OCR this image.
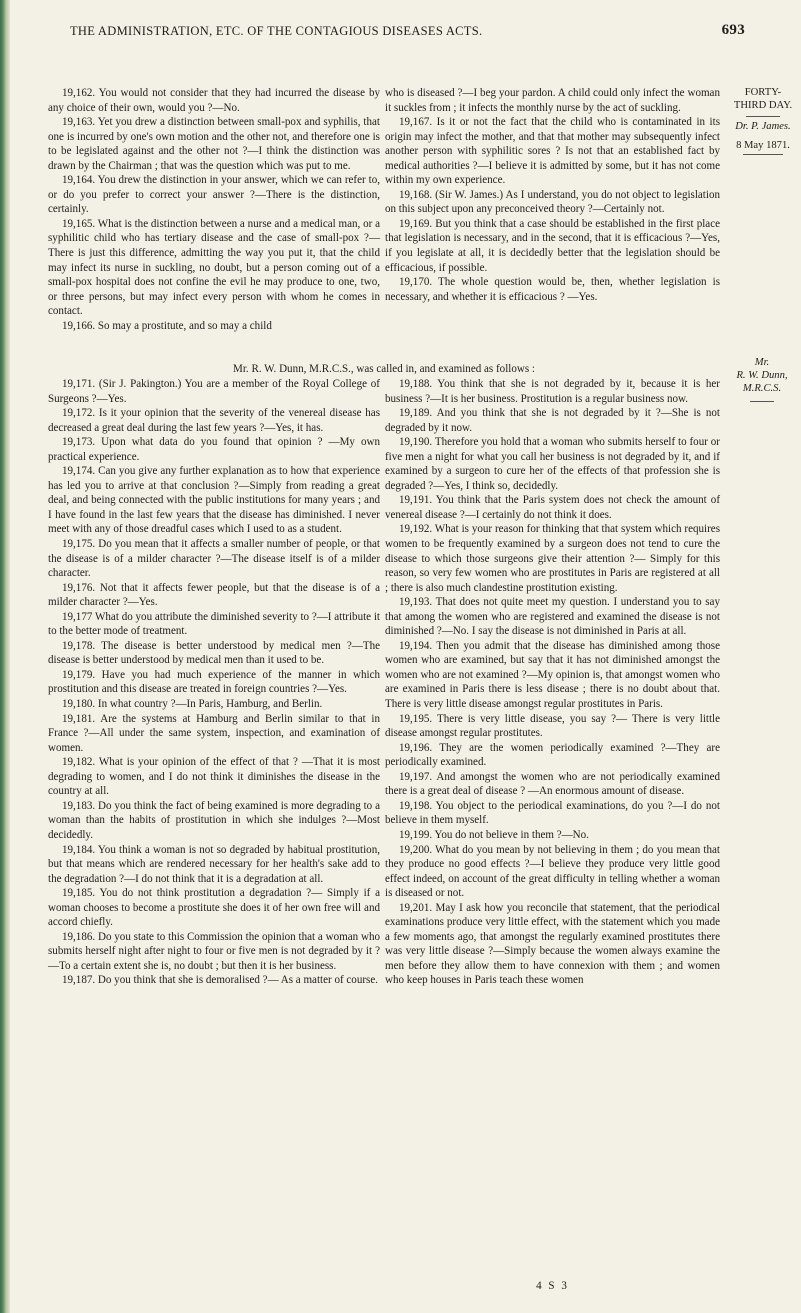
THE ADMINISTRATION, ETC. OF THE CONTAGIOUS DISEASES ACTS.	693
FORTY-
THIRD DAY.
Dr. P. James.
8 May 1871.

19,162. You would not consider that they had incurred the disease by any choice of their own, would you ?—No.

19,163. Yet you drew a distinction between small-pox and syphilis, that one is incurred by one's own motion and the other not, and therefore one is to be legislated against and the other not ?—I think the distinction was drawn by the Chairman ; that was the question which was put to me.

19,164. You drew the distinction in your answer, which we can refer to, or do you prefer to correct your answer ?—There is the distinction, certainly.

19,165. What is the distinction between a nurse and a medical man, or a syphilitic child who has tertiary disease and the case of small-pox ?—There is just this difference, admitting the way you put it, that the child may infect its nurse in suckling, no doubt, but a person coming out of a small-pox hospital does not confine the evil he may produce to one, two, or three persons, but may infect every person with whom he comes in contact.

19,166. So may a prostitute, and so may a child

who is diseased ?—I beg your pardon. A child could only infect the woman it suckles from ; it infects the monthly nurse by the act of suckling.

19,167. Is it or not the fact that the child who is contaminated in its origin may infect the mother, and that that mother may subsequently infect another person with syphilitic sores ? Is not that an established fact by medical authorities ?—I believe it is admitted by some, but it has not come within my own experience.

19,168. (Sir W. James.) As I understand, you do not object to legislation on this subject upon any preconceived theory ?—Certainly not.

19,169. But you think that a case should be established in the first place that legislation is necessary, and in the second, that it is efficacious ?—Yes, if you legislate at all, it is decidedly better that the legislation should be efficacious, if possible.

19,170. The whole question would be, then, whether legislation is necessary, and whether it is efficacious ? —Yes.

Mr. R. W. Dunn, M.R.C.S., was called in, and examined as follows :
Mr.
R. W. Dunn,
M.R.C.S.

19,171. (Sir J. Pakington.) You are a member of the Royal College of Surgeons ?—Yes.

19,172. Is it your opinion that the severity of the venereal disease has decreased a great deal during the last few years ?—Yes, it has.

19,173. Upon what data do you found that opinion ? —My own practical experience.

19,174. Can you give any further explanation as to how that experience has led you to arrive at that conclusion ?—Simply from reading a great deal, and being connected with the public institutions for many years ; and I have found in the last few years that the disease has diminished. I never meet with any of those dreadful cases which I used to as a student.

19,175. Do you mean that it affects a smaller number of people, or that the disease is of a milder character ?—The disease itself is of a milder character.

19,176. Not that it affects fewer people, but that the disease is of a milder character ?—Yes.

19,177 What do you attribute the diminished severity to ?—I attribute it to the better mode of treatment.

19,178. The disease is better understood by medical men ?—The disease is better understood by medical men than it used to be.

19,179. Have you had much experience of the manner in which prostitution and this disease are treated in foreign countries ?—Yes.

19,180. In what country ?—In Paris, Hamburg, and Berlin.

19,181. Are the systems at Hamburg and Berlin similar to that in France ?—All under the same system, inspection, and examination of women.

19,182. What is your opinion of the effect of that ? —That it is most degrading to women, and I do not think it diminishes the disease in the country at all.

19,183. Do you think the fact of being examined is more degrading to a woman than the habits of prostitution in which she indulges ?—Most decidedly.

19,184. You think a woman is not so degraded by habitual prostitution, but that means which are rendered necessary for her health's sake add to the degradation ?—I do not think that it is a degradation at all.

19,185. You do not think prostitution a degradation ?— Simply if a woman chooses to become a prostitute she does it of her own free will and accord chiefly.

19,186. Do you state to this Commission the opinion that a woman who submits herself night after night to four or five men is not degraded by it ? —To a certain extent she is, no doubt ; but then it is her business.

19,187. Do you think that she is demoralised ?— As a matter of course.

19,188. You think that she is not degraded by it, because it is her business ?—It is her business. Prostitution is a regular business now.

19,189. And you think that she is not degraded by it ?—She is not degraded by it now.

19,190. Therefore you hold that a woman who submits herself to four or five men a night for what you call her business is not degraded by it, and if examined by a surgeon to cure her of the effects of that profession she is degraded ?—Yes, I think so, decidedly.

19,191. You think that the Paris system does not check the amount of venereal disease ?—I certainly do not think it does.

19,192. What is your reason for thinking that that system which requires women to be frequently examined by a surgeon does not tend to cure the disease to which those surgeons give their attention ?— Simply for this reason, so very few women who are prostitutes in Paris are registered at all ; there is also much clandestine prostitution existing.

19,193. That does not quite meet my question. I understand you to say that among the women who are registered and examined the disease is not diminished ?—No. I say the disease is not diminished in Paris at all.

19,194. Then you admit that the disease has diminished among those women who are examined, but say that it has not diminished amongst the women who are not examined ?—My opinion is, that amongst women who are examined in Paris there is less disease ; there is no doubt about that. There is very little disease amongst regular prostitutes in Paris.

19,195. There is very little disease, you say ?— There is very little disease amongst regular prostitutes.

19,196. They are the women periodically examined ?—They are periodically examined.

19,197. And amongst the women who are not periodically examined there is a great deal of disease ? —An enormous amount of disease.

19,198. You object to the periodical examinations, do you ?—I do not believe in them myself.

19,199. You do not believe in them ?—No.

19,200. What do you mean by not believing in them ; do you mean that they produce no good effects ?—I believe they produce very little good effect indeed, on account of the great difficulty in telling whether a woman is diseased or not.

19,201. May I ask how you reconcile that statement, that the periodical examinations produce very little effect, with the statement which you made a few moments ago, that amongst the regularly examined prostitutes there was very little disease ?—Simply because the women always examine the men before they allow them to have connexion with them ; and women who keep houses in Paris teach these women

4 S 3
